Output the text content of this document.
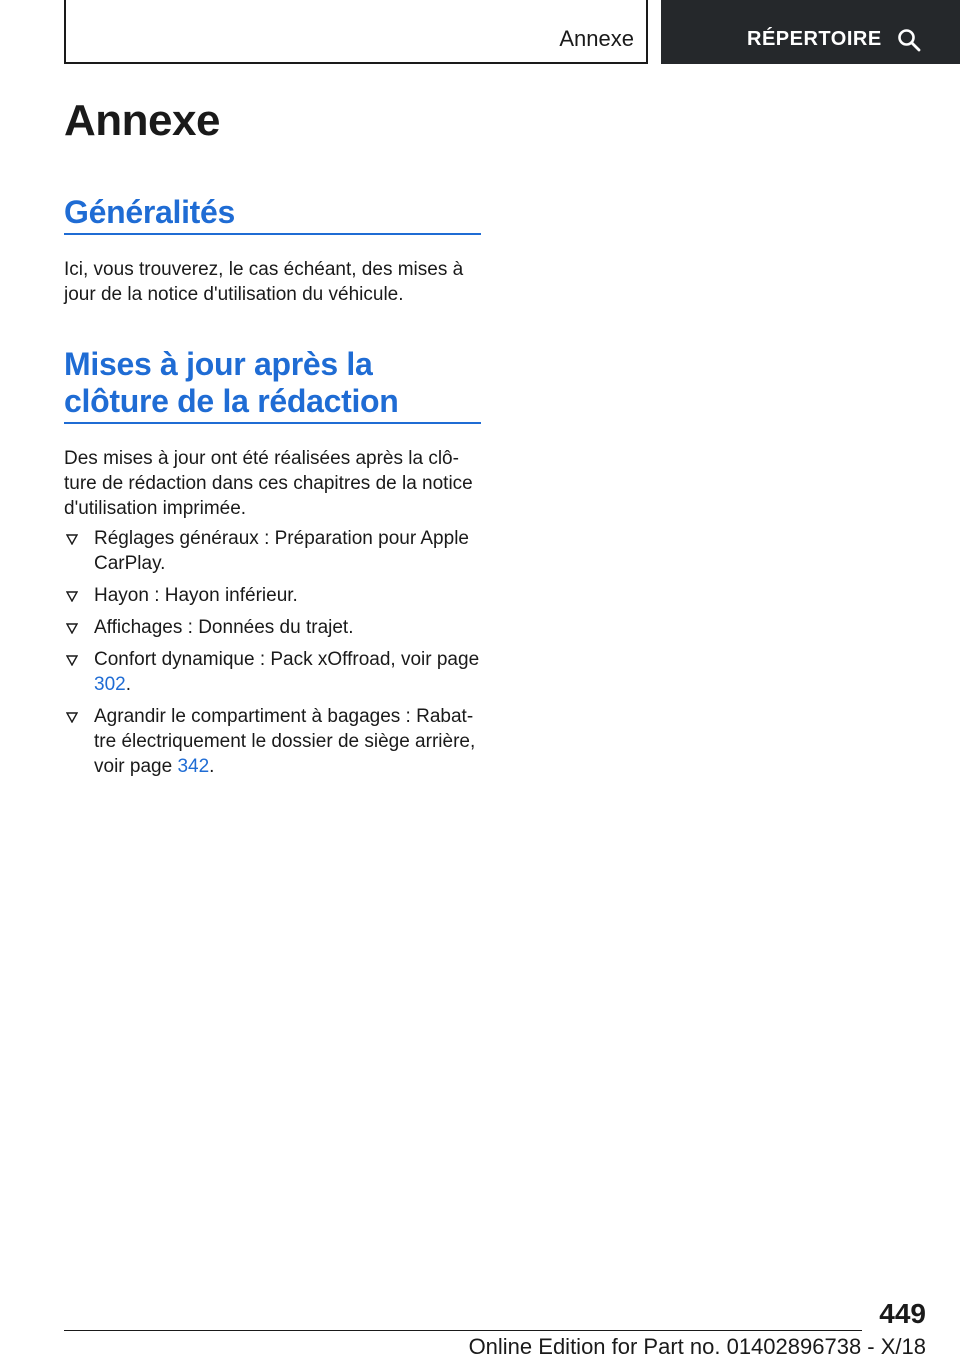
Annexe	RÉPERTOIRE
Annexe
Généralités

Ici, vous trouverez, le cas échéant, des mises à jour de la notice d'utilisation du véhicule.

Mises à jour après la
clôture de la rédaction

Des mises à jour ont été réalisées après la clô-ture de rédaction dans ces chapitres de la notice d'utilisation imprimée.

Réglages généraux : Préparation pour Apple CarPlay.
Hayon : Hayon inférieur.
Affichages : Données du trajet.
Confort dynamique : Pack xOffroad, voir page 302.
Agrandir le compartiment à bagages : Rabat-tre électriquement le dossier de siège arrière, voir page 342.
449
Online Edition for Part no. 01402896738 - X/18
